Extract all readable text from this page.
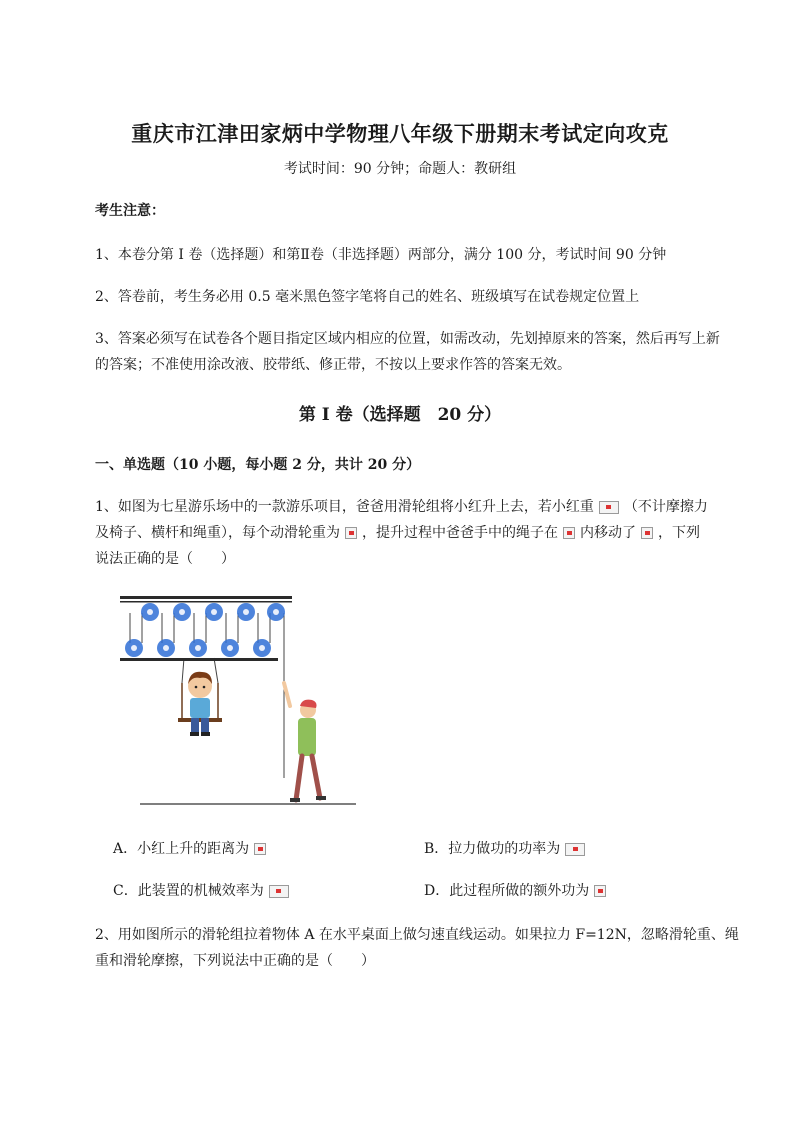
重庆市江津田家炳中学物理八年级下册期末考试定向攻克
考试时间：90 分钟；命题人：教研组
考生注意：
1、本卷分第 I 卷（选择题）和第Ⅱ卷（非选择题）两部分，满分 100 分，考试时间 90 分钟
2、答卷前，考生务必用 0.5 毫米黑色签字笔将自己的姓名、班级填写在试卷规定位置上
3、答案必须写在试卷各个题目指定区域内相应的位置，如需改动，先划掉原来的答案，然后再写上新
的答案；不准使用涂改液、胶带纸、修正带，不按以上要求作答的答案无效。
第 I 卷（选择题　20 分）
一、单选题（10 小题，每小题 2 分，共计 20 分）
1、如图为七星游乐场中的一款游乐项目，爸爸用滑轮组将小红升上去，若小红重 （不计摩擦力
及椅子、横杆和绳重），每个动滑轮重为 ，提升过程中爸爸手中的绳子在 内移动了 ，下列
说法正确的是（　　）
A．小红上升的距离为	B．拉力做功的功率为
C．此装置的机械效率为	D．此过程所做的额外功为
2、用如图所示的滑轮组拉着物体 A 在水平桌面上做匀速直线运动。如果拉力 F=12N，忽略滑轮重、绳
重和滑轮摩擦，下列说法中正确的是（　　）
